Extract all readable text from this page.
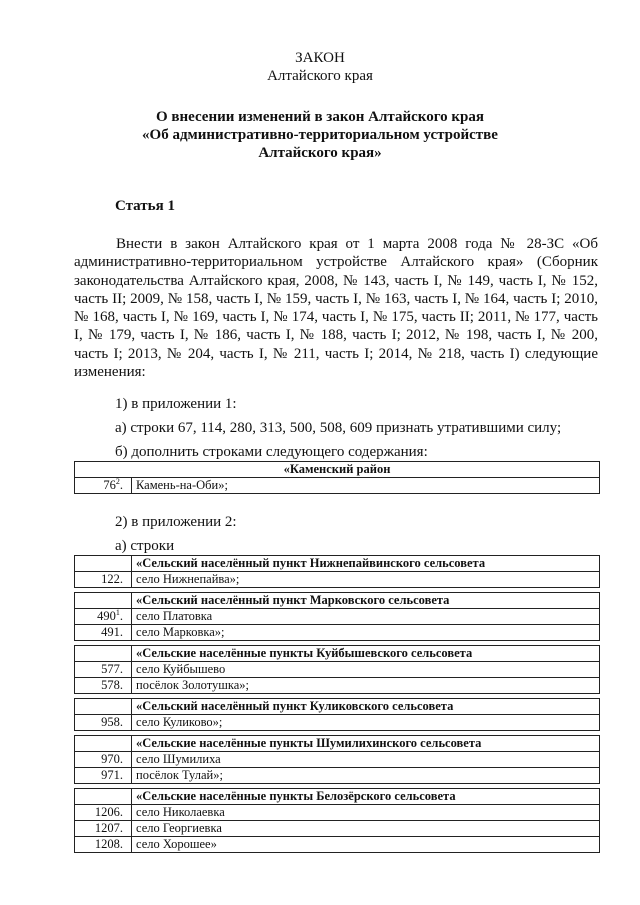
ЗАКОН
Алтайского края
О внесении изменений в закон Алтайского края
«Об административно-территориальном устройстве
Алтайского края»
Статья 1
Внести в закон Алтайского края от 1 марта 2008 года № 28-ЗС «Об административно-территориальном устройстве Алтайского края» (Сборник законодательства Алтайского края, 2008, № 143, часть I, № 149, часть I, № 152, часть II; 2009, № 158, часть I, № 159, часть I, № 163, часть I, № 164, часть I; 2010, № 168, часть I, № 169, часть I, № 174, часть I, № 175, часть II; 2011, № 177, часть I, № 179, часть I, № 186, часть I, № 188, часть I; 2012, № 198, часть I, № 200, часть I; 2013, № 204, часть I, № 211, часть I; 2014, № 218, часть I) следующие изменения:
1) в приложении 1:
а) строки 67, 114, 280, 313, 500, 508, 609 признать утратившими силу;
б) дополнить строками следующего содержания:
«Каменский район
$76^2$.	Камень-на-Оби»;
2) в приложении 2:
а) строки
	«Сельский населённый пункт Нижнепайвинского сельсовета
122.	село Нижнепайва»;

	«Сельский населённый пункт Марковского сельсовета
$490^1$.	село Платовка
491.	село Марковка»;

	«Сельские населённые пункты Куйбышевского сельсовета
577.	село Куйбышево
578.	посёлок Золотушка»;

	«Сельский населённый пункт Куликовского сельсовета
958.	село Куликово»;

	«Сельские населённые пункты Шумилихинского сельсовета
970.	село Шумилиха
971.	посёлок Тулай»;

	«Сельские населённые пункты Белозёрского сельсовета
1206.	село Николаевка
1207.	село Георгиевка
1208.	село Хорошее»
